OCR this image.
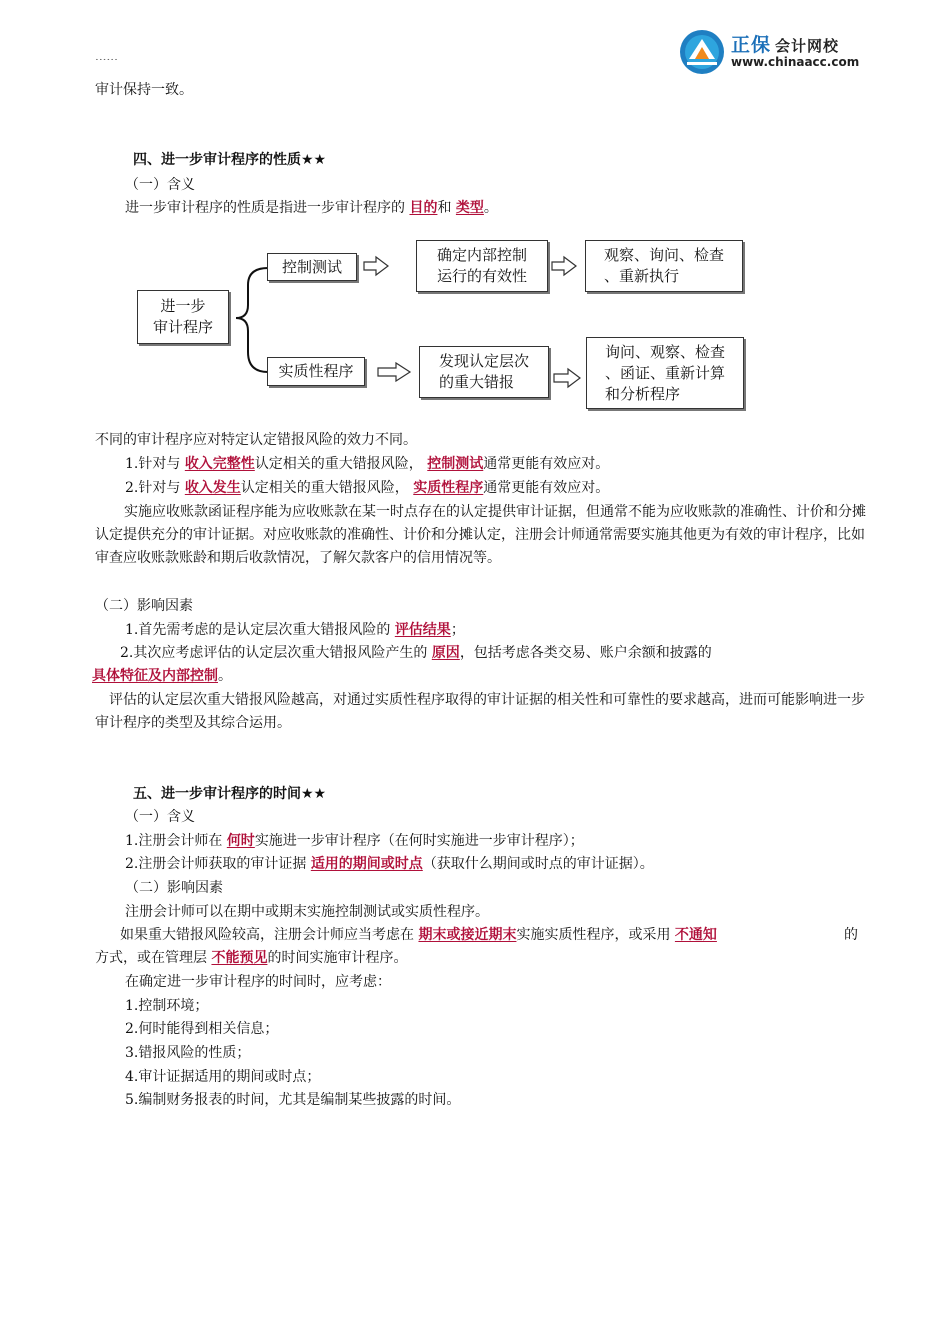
正保 会计网校
www.chinaacc.com
······
审计保持一致。
四、进一步审计程序的性质★★
（一）含义
进一步审计程序的性质是指进一步审计程序的 目的和 类型。
进一步
审计程序
控制测试
确定内部控制
运行的有效性
观察、询问、检查
、重新执行
实质性程序
发现认定层次
的重大错报
询问、观察、检查
、函证、重新计算
和分析程序
不同的审计程序应对特定认定错报风险的效力不同。
1.针对与 收入完整性认定相关的重大错报风险， 控制测试通常更能有效应对。
2.针对与 收入发生认定相关的重大错报风险， 实质性程序通常更能有效应对。
实施应收账款函证程序能为应收账款在某一时点存在的认定提供审计证据，但通常不能为应收账款的准确性、计价和分摊认定提供充分的审计证据。对应收账款的准确性、计价和分摊认定，注册会计师通常需要实施其他更为有效的审计程序，比如审查应收账款账龄和期后收款情况，了解欠款客户的信用情况等。
（二）影响因素
1.首先需考虑的是认定层次重大错报风险的 评估结果；
2.其次应考虑评估的认定层次重大错报风险产生的 原因，包括考虑各类交易、账户余额和披露的
具体特征及内部控制。
评估的认定层次重大错报风险越高，对通过实质性程序取得的审计证据的相关性和可靠性的要求越高，进而可能影响进一步审计程序的类型及其综合运用。
五、进一步审计程序的时间★★
（一）含义
1.注册会计师在 何时实施进一步审计程序（在何时实施进一步审计程序）；
2.注册会计师获取的审计证据 适用的期间或时点（获取什么期间或时点的审计证据）。
（二）影响因素
注册会计师可以在期中或期末实施控制测试或实质性程序。
如果重大错报风险较高，注册会计师应当考虑在 期末或接近期末实施实质性程序，或采用 不通知	的
方式，或在管理层 不能预见的时间实施审计程序。
在确定进一步审计程序的时间时，应考虑：
1.控制环境；
2.何时能得到相关信息；
3.错报风险的性质；
4.审计证据适用的期间或时点；
5.编制财务报表的时间，尤其是编制某些披露的时间。
